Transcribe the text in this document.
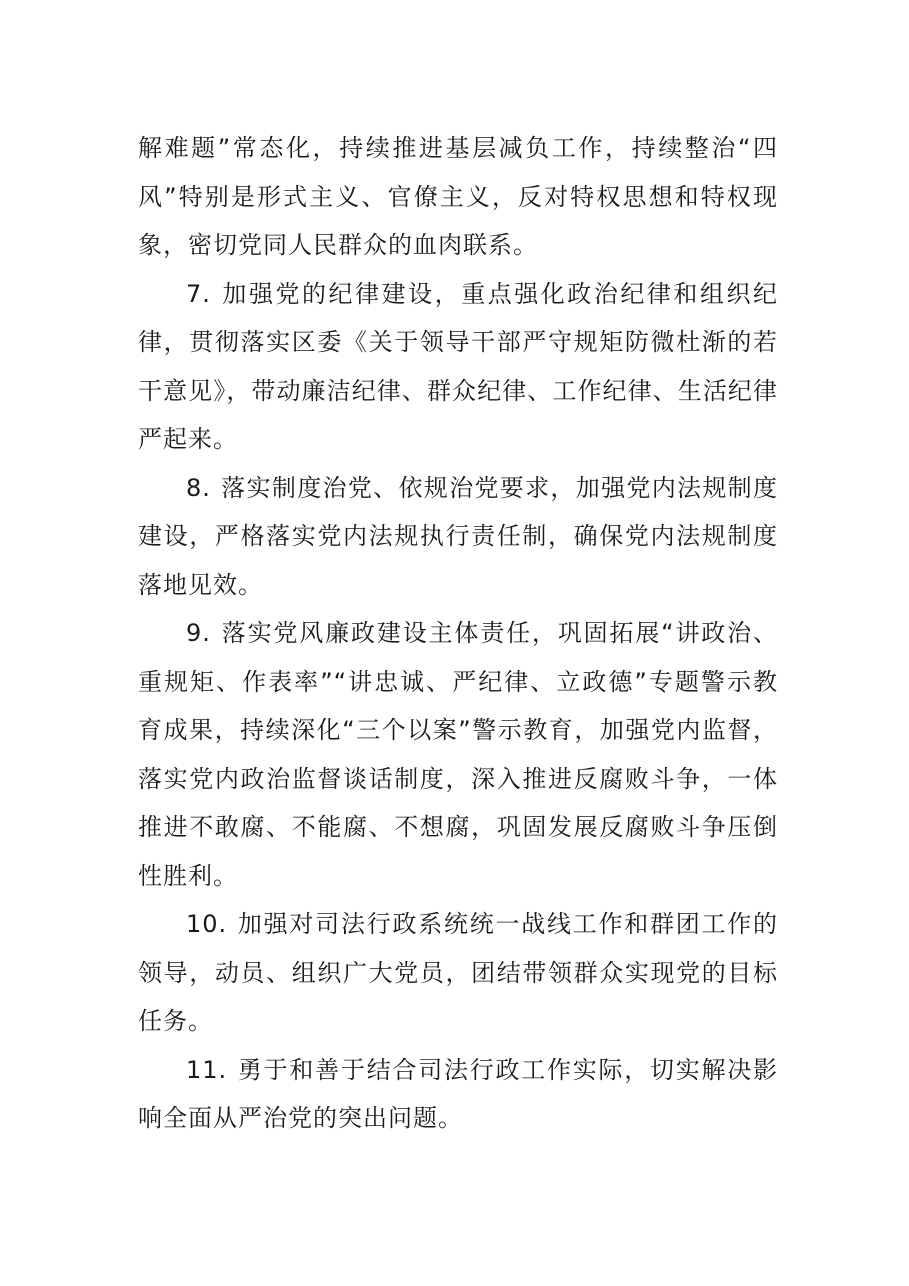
解难题”常态化，持续推进基层减负工作，持续整治“四风”特别是形式主义、官僚主义，反对特权思想和特权现象，密切党同人民群众的血肉联系。

7. 加强党的纪律建设，重点强化政治纪律和组织纪律，贯彻落实区委《关于领导干部严守规矩防微杜渐的若干意见》，带动廉洁纪律、群众纪律、工作纪律、生活纪律严起来。

8. 落实制度治党、依规治党要求，加强党内法规制度建设，严格落实党内法规执行责任制，确保党内法规制度落地见效。

9. 落实党风廉政建设主体责任，巩固拓展“讲政治、重规矩、作表率”“讲忠诚、严纪律、立政德”专题警示教育成果，持续深化“三个以案”警示教育，加强党内监督，落实党内政治监督谈话制度，深入推进反腐败斗争，一体推进不敢腐、不能腐、不想腐，巩固发展反腐败斗争压倒性胜利。

10. 加强对司法行政系统统一战线工作和群团工作的领导，动员、组织广大党员，团结带领群众实现党的目标任务。

11. 勇于和善于结合司法行政工作实际，切实解决影响全面从严治党的突出问题。
